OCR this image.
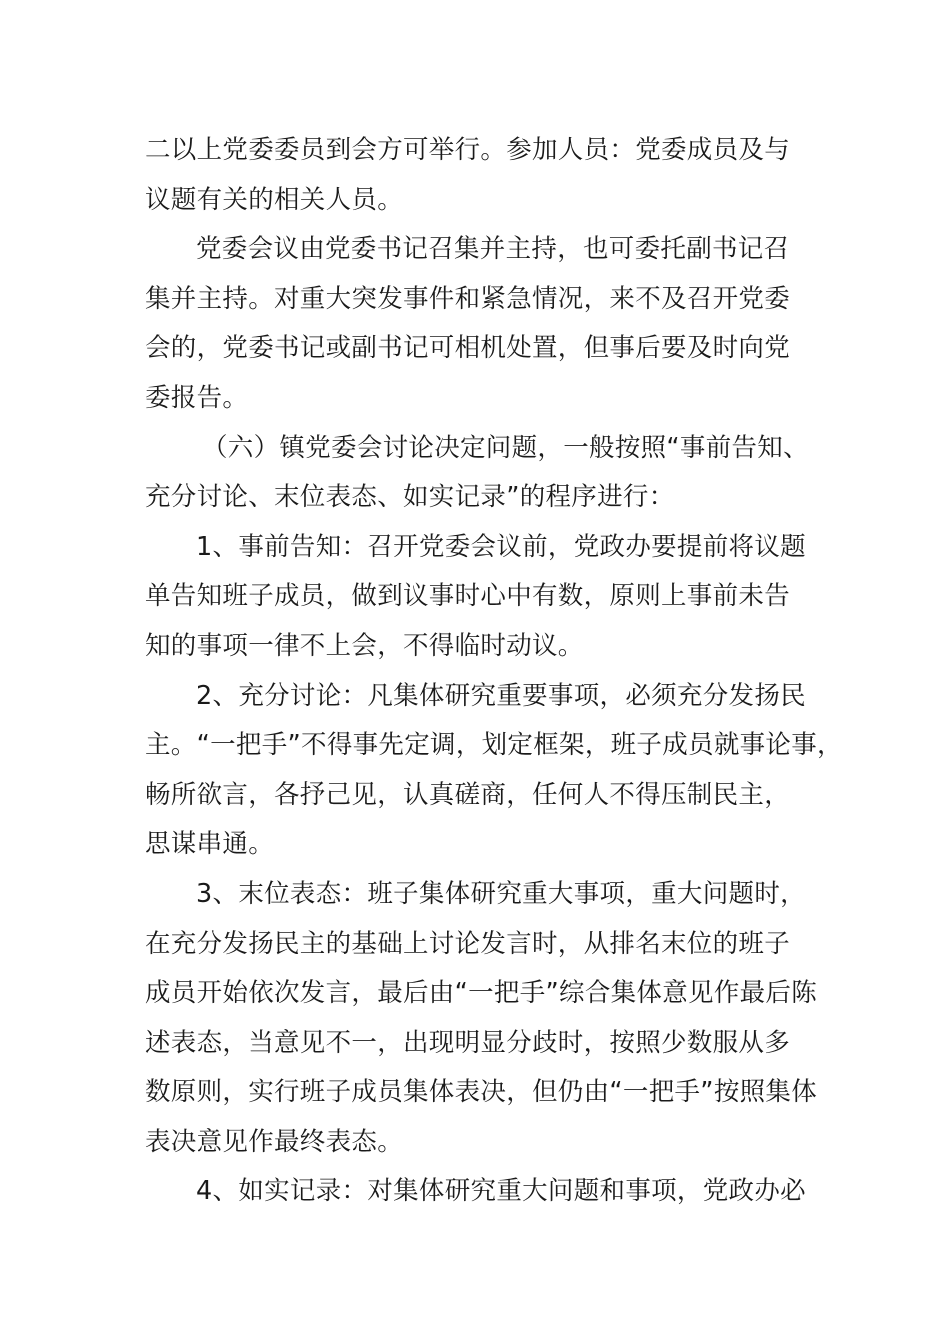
二以上党委委员到会方可举行。参加人员：党委成员及与
议题有关的相关人员。
党委会议由党委书记召集并主持，也可委托副书记召
集并主持。对重大突发事件和紧急情况，来不及召开党委
会的，党委书记或副书记可相机处置，但事后要及时向党
委报告。
（六）镇党委会讨论决定问题，一般按照“事前告知、
充分讨论、末位表态、如实记录”的程序进行：
1、事前告知：召开党委会议前，党政办要提前将议题
单告知班子成员，做到议事时心中有数，原则上事前未告
知的事项一律不上会，不得临时动议。
2、充分讨论：凡集体研究重要事项，必须充分发扬民
主。“一把手”不得事先定调，划定框架，班子成员就事论事，
畅所欲言，各抒己见，认真磋商，任何人不得压制民主，
思谋串通。
3、末位表态：班子集体研究重大事项，重大问题时，
在充分发扬民主的基础上讨论发言时，从排名末位的班子
成员开始依次发言，最后由“一把手”综合集体意见作最后陈
述表态，当意见不一，出现明显分歧时，按照少数服从多
数原则，实行班子成员集体表决，但仍由“一把手”按照集体
表决意见作最终表态。
4、如实记录：对集体研究重大问题和事项，党政办必
